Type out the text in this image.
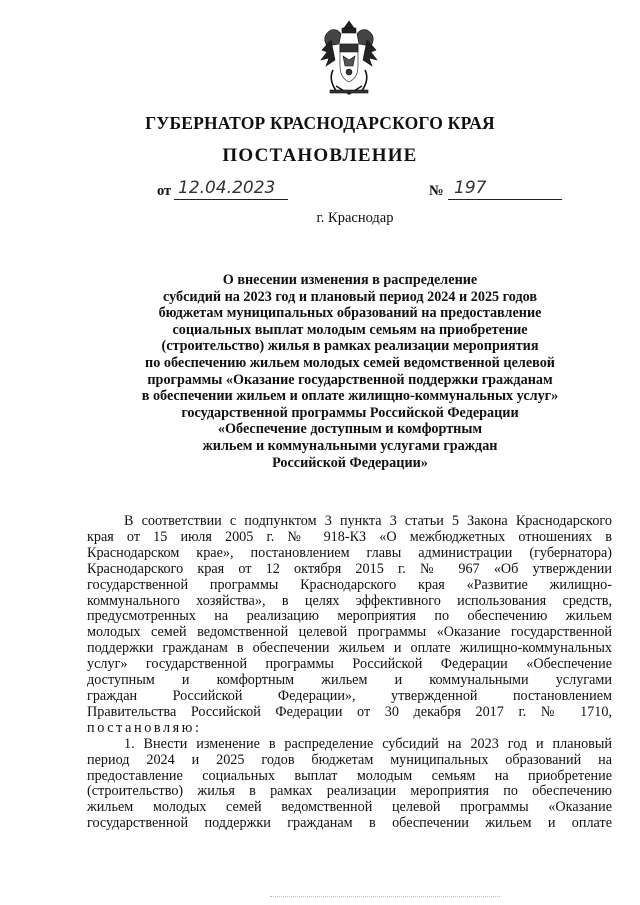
ГУБЕРНАТОР КРАСНОДАРСКОГО КРАЯ
ПОСТАНОВЛЕНИЕ
от 12.04.2023	№ 197
г. Краснодар
О внесении изменения в распределение
субсидий на 2023 год и плановый период 2024 и 2025 годов
бюджетам муниципальных образований на предоставление
социальных выплат молодым семьям на приобретение
(строительство) жилья в рамках реализации мероприятия
по обеспечению жильем молодых семей ведомственной целевой
программы «Оказание государственной поддержки гражданам
в обеспечении жильем и оплате жилищно-коммунальных услуг»
государственной программы Российской Федерации
«Обеспечение доступным и комфортным
жильем и коммунальными услугами граждан
Российской Федерации»
В соответствии с подпунктом 3 пункта 3 статьи 5 Закона Краснодарского
края от 15 июля 2005 г. № 918-КЗ «О межбюджетных отношениях в
Краснодарском крае», постановлением главы администрации (губернатора)
Краснодарского края от 12 октября 2015 г. № 967 «Об утверждении
государственной программы Краснодарского края «Развитие жилищно-
коммунального хозяйства», в целях эффективного использования средств,
предусмотренных на реализацию мероприятия по обеспечению жильем
молодых семей ведомственной целевой программы «Оказание государственной
поддержки гражданам в обеспечении жильем и оплате жилищно-коммунальных
услуг» государственной программы Российской Федерации «Обеспечение
доступным и комфортным жильем и коммунальными услугами
граждан Российской Федерации», утвержденной постановлением
Правительства Российской Федерации от 30 декабря 2017 г. № 1710,
постановляю:
1. Внести изменение в распределение субсидий на 2023 год и плановый
период 2024 и 2025 годов бюджетам муниципальных образований на
предоставление социальных выплат молодым семьям на приобретение
(строительство) жилья в рамках реализации мероприятия по обеспечению
жильем молодых семей ведомственной целевой программы «Оказание
государственной поддержки гражданам в обеспечении жильем и оплате
